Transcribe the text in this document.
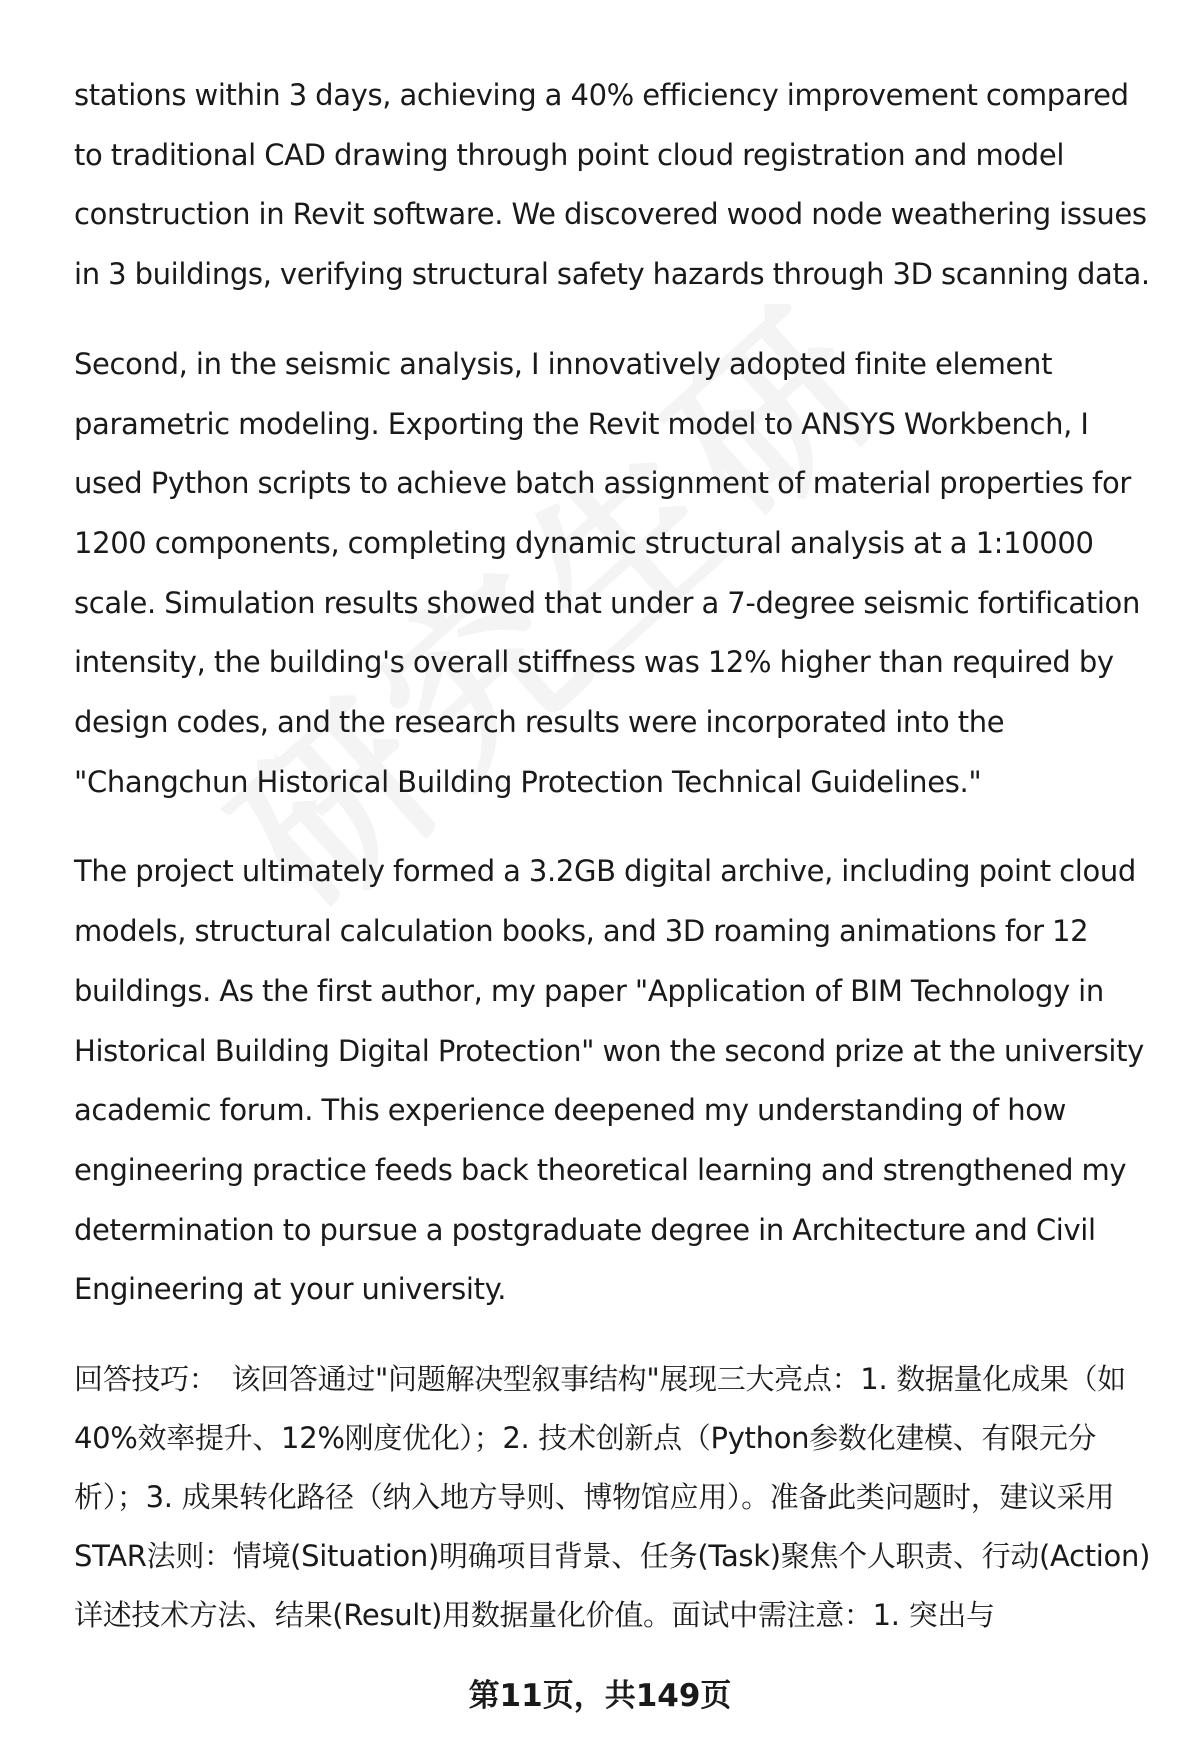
stations within 3 days, achieving a 40% efficiency improvement compared to traditional CAD drawing through point cloud registration and model construction in Revit software. We discovered wood node weathering issues in 3 buildings, verifying structural safety hazards through 3D scanning data.

Second, in the seismic analysis, I innovatively adopted finite element parametric modeling. Exporting the Revit model to ANSYS Workbench, I used Python scripts to achieve batch assignment of material properties for 1200 components, completing dynamic structural analysis at a 1:10000 scale. Simulation results showed that under a 7-degree seismic fortification intensity, the building's overall stiffness was 12% higher than required by design codes, and the research results were incorporated into the "Changchun Historical Building Protection Technical Guidelines."

The project ultimately formed a 3.2GB digital archive, including point cloud models, structural calculation books, and 3D roaming animations for 12 buildings. As the first author, my paper "Application of BIM Technology in Historical Building Digital Protection" won the second prize at the university academic forum. This experience deepened my understanding of how engineering practice feeds back theoretical learning and strengthened my determination to pursue a postgraduate degree in Architecture and Civil Engineering at your university.

回答技巧： 该回答通过"问题解决型叙事结构"展现三大亮点：1. 数据量化成果（如40%效率提升、12%刚度优化）；2. 技术创新点（Python参数化建模、有限元分析）；3. 成果转化路径（纳入地方导则、博物馆应用）。准备此类问题时，建议采用STAR法则：情境(Situation)明确项目背景、任务(Task)聚焦个人职责、行动(Action)详述技术方法、结果(Result)用数据量化价值。面试中需注意：1. 突出与

第11页，共149页
